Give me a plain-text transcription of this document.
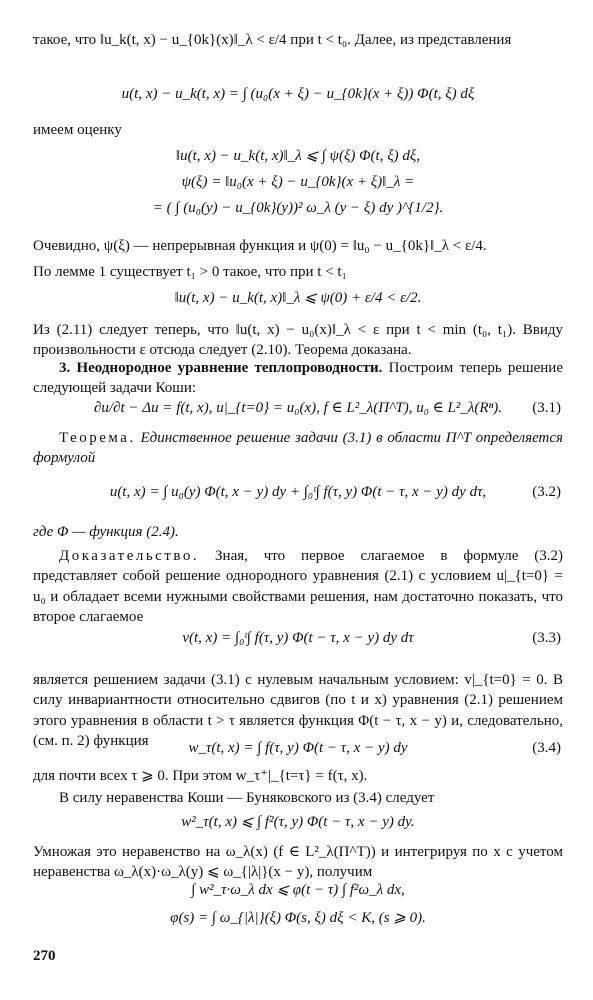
такое, что ‖u_k(t, x) − u_{0k}(x)‖_λ < ε/4 при t < t₀. Далее, из представления

u(t, x) − u_k(t, x) = ∫ (u₀(x + ξ) − u_{0k}(x + ξ)) Φ(t, ξ) dξ

имеем оценку

‖u(t, x) − u_k(t, x)‖_λ ⩽ ∫ ψ(ξ) Φ(t, ξ) dξ,
ψ(ξ) = ‖u₀(x + ξ) − u_{0k}(x + ξ)‖_λ =
= ( ∫ (u₀(y) − u_{0k}(y))² ω_λ (y − ξ) dy )^{1/2}.

Очевидно, ψ(ξ) — непрерывная функция и ψ(0) = ‖u₀ − u_{0k}‖_λ < ε/4.

По лемме 1 существует t₁ > 0 такое, что при t < t₁

‖u(t, x) − u_k(t, x)‖_λ ⩽ ψ(0) + ε/4 < ε/2.

Из (2.11) следует теперь, что ‖u(t, x) − u₀(x)‖_λ < ε при t < min (t₀, t₁). Ввиду произвольности ε отсюда следует (2.10). Теорема доказана.

3. Неоднородное уравнение теплопроводности. Построим теперь решение следующей задачи Коши:

∂u/∂t − Δu = f(t, x), u|_{t=0} = u₀(x), f ∈ L²_λ(Π^T), u₀ ∈ L²_λ(Rⁿ). (3.1)

Теорема. Единственное решение задачи (3.1) в области Π^T определяется формулой

u(t, x) = ∫ u₀(y) Φ(t, x − y) dy + ∫₀ᵗ∫ f(τ, y) Φ(t − τ, x − y) dy dτ,	(3.2)

где Φ — функция (2.4).

Доказательство. Зная, что первое слагаемое в формуле (3.2) представляет собой решение однородного уравнения (2.1) с условием u|_{t=0} = u₀ и обладает всеми нужными свойствами решения, нам достаточно показать, что второе слагаемое

v(t, x) = ∫₀ᵗ∫ f(τ, y) Φ(t − τ, x − y) dy dτ	(3.3)

является решением задачи (3.1) с нулевым начальным условием: v|_{t=0} = 0. В силу инвариантности относительно сдвигов (по t и x) уравнения (2.1) решением этого уравнения в области t > τ является функция Φ(t − τ, x − y) и, следовательно, (см. п. 2) функция	w_τ(t, x) = ∫ f(τ, y) Φ(t − τ, x − y) dy	(3.4)

для почти всех τ ⩾ 0. При этом w_τ⁺|_{t=τ} = f(τ, x).

В силу неравенства Коши — Буняковского из (3.4) следует

w²_τ(t, x) ⩽ ∫ f²(τ, y) Φ(t − τ, x − y) dy.

Умножая это неравенство на ω_λ(x) (f ∈ L²_λ(Π^T)) и интегрируя по x с учетом неравенства ω_λ(x)·ω_λ(y) ⩽ ω_{|λ|}(x − y), получим

∫ w²_τ·ω_λ dx ⩽ φ(t − τ) ∫ f²ω_λ dx,
φ(s) = ∫ ω_{|λ|}(ξ) Φ(s, ξ) dξ < K, (s ⩾ 0).
270
